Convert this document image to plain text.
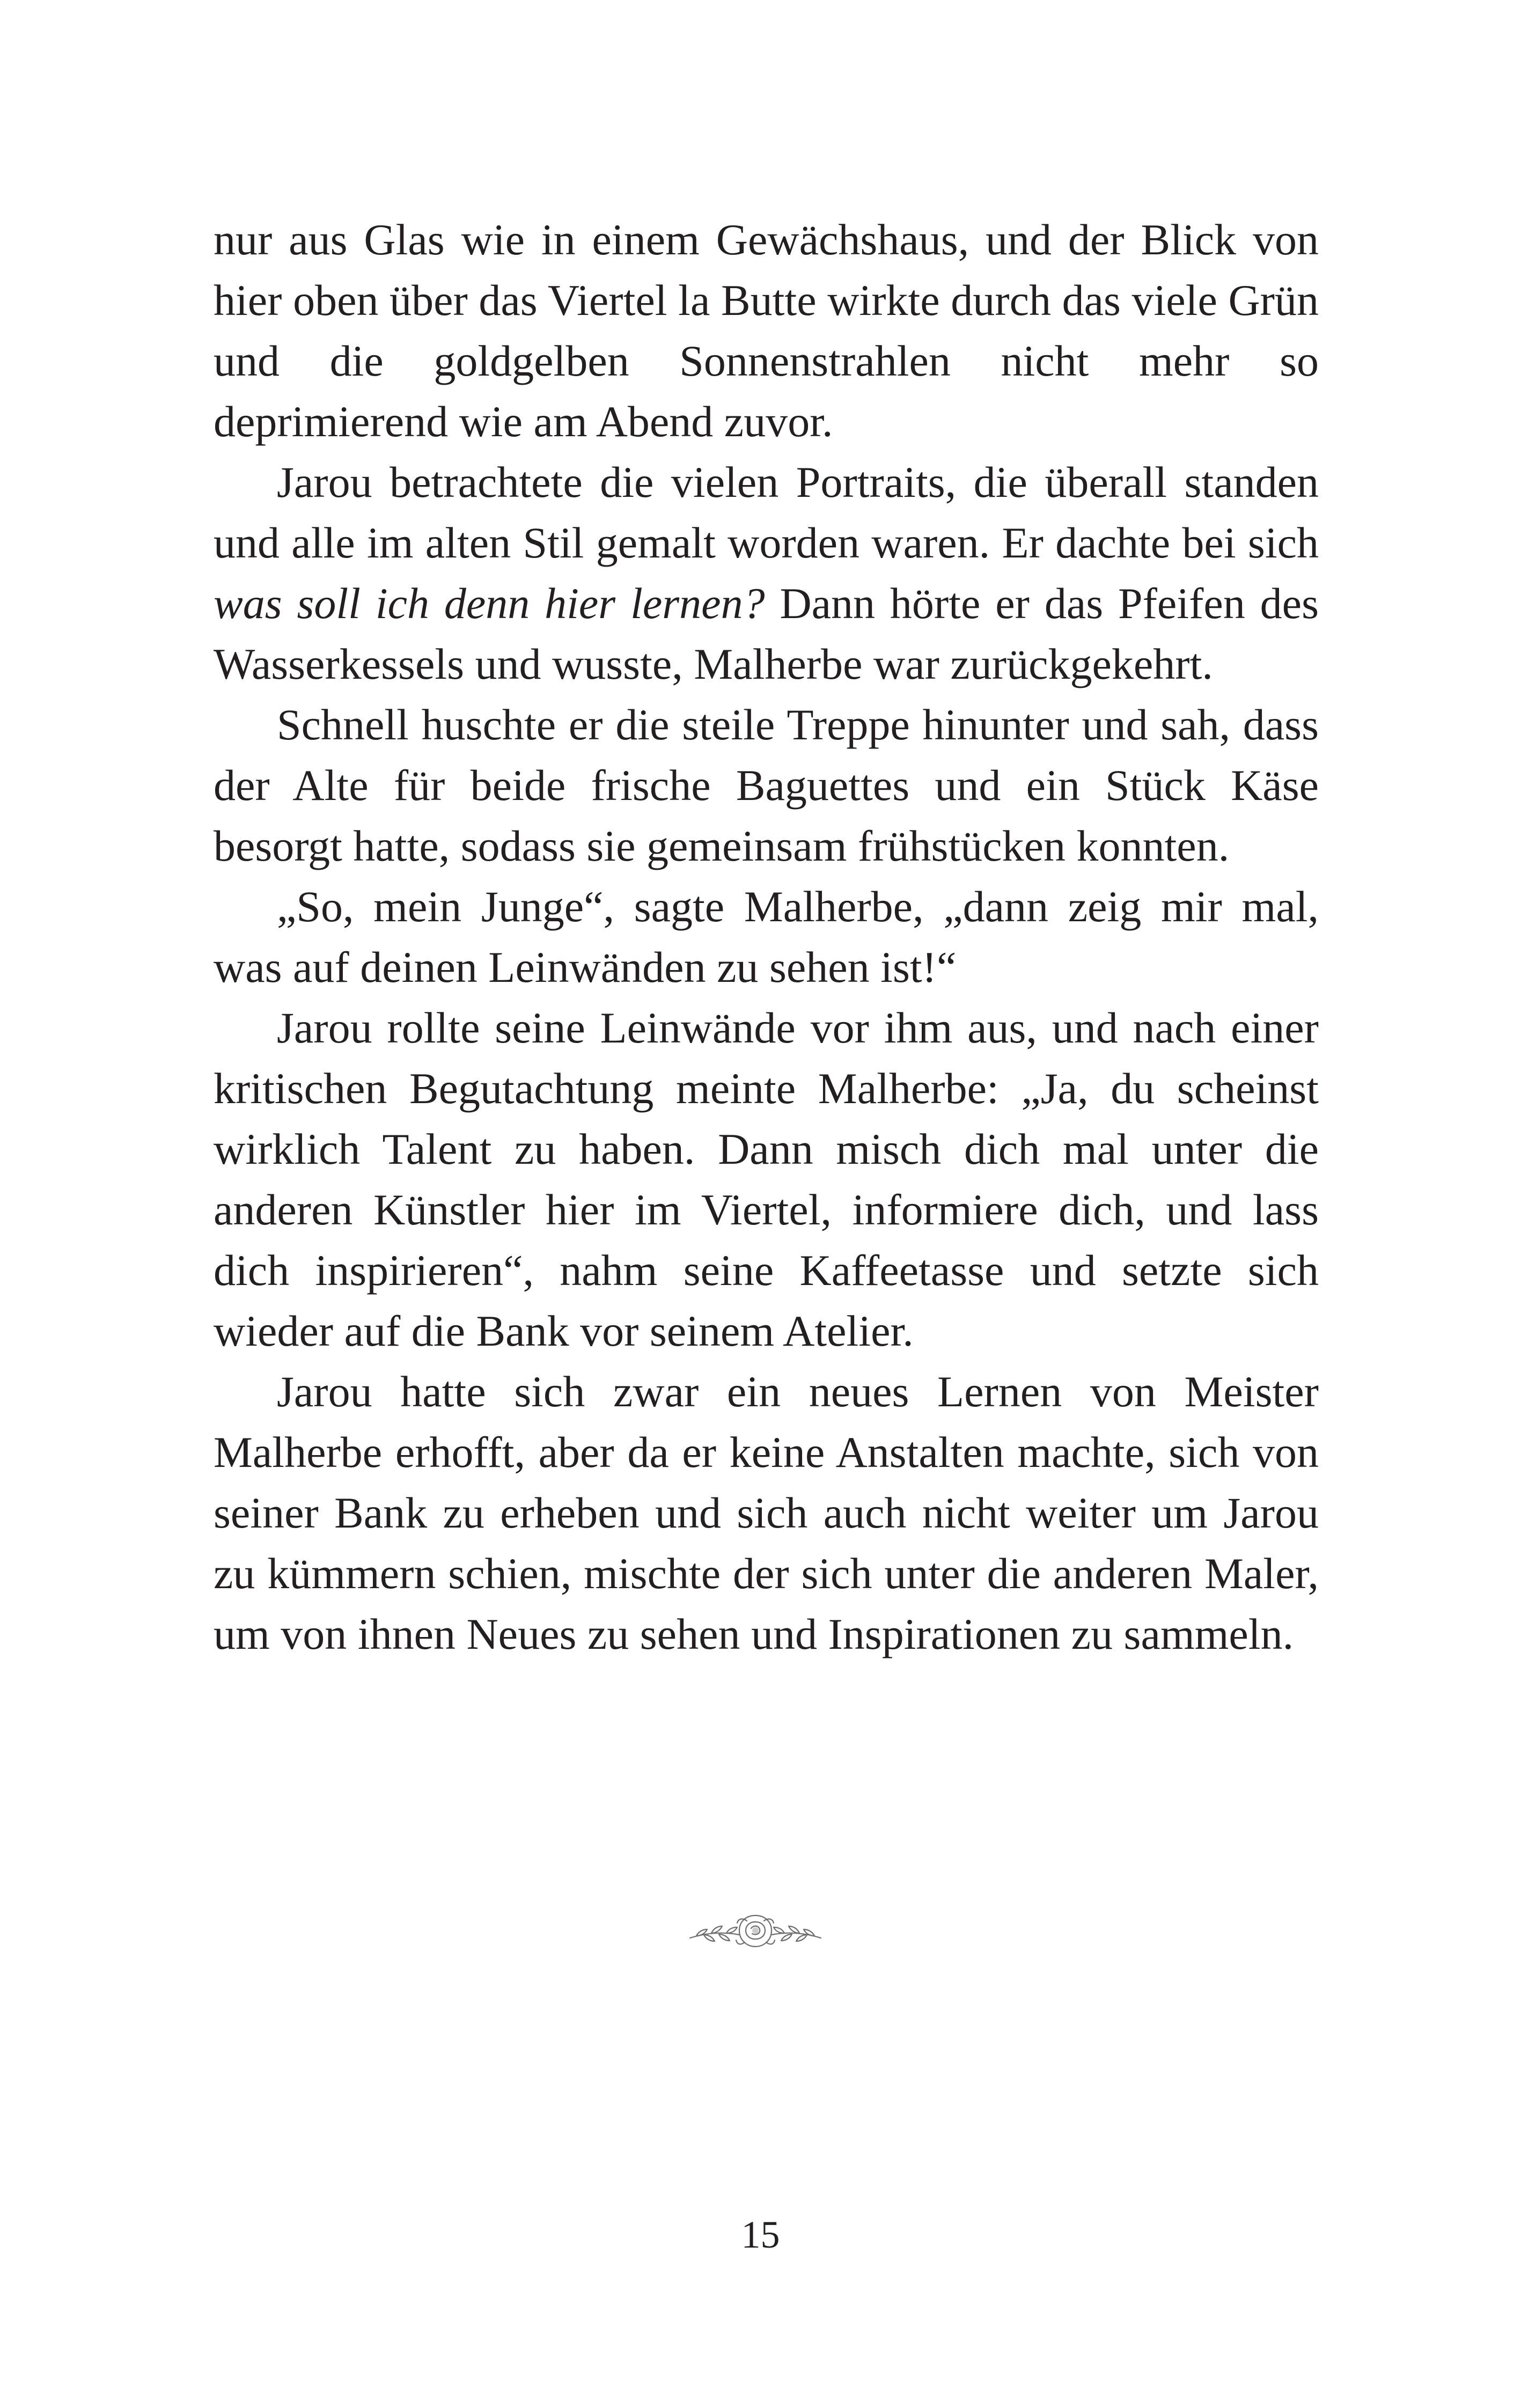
nur aus Glas wie in einem Gewächshaus, und der Blick von hier oben über das Viertel la Butte wirkte durch das viele Grün und die goldgelben Sonnenstrahlen nicht mehr so deprimierend wie am Abend zuvor.

Jarou betrachtete die vielen Portraits, die überall standen und alle im alten Stil gemalt worden waren. Er dachte bei sich was soll ich denn hier lernen? Dann hörte er das Pfeifen des Wasserkessels und wusste, Malherbe war zurückgekehrt.

Schnell huschte er die steile Treppe hinunter und sah, dass der Alte für beide frische Baguettes und ein Stück Käse besorgt hatte, sodass sie gemeinsam frühstücken konnten.

„So, mein Junge“, sagte Malherbe, „dann zeig mir mal, was auf deinen Leinwänden zu sehen ist!“

Jarou rollte seine Leinwände vor ihm aus, und nach einer kritischen Begutachtung meinte Malherbe: „Ja, du scheinst wirklich Talent zu haben. Dann misch dich mal unter die anderen Künstler hier im Viertel, informiere dich, und lass dich inspirieren“, nahm seine Kaffeetasse und setzte sich wieder auf die Bank vor seinem Atelier.

Jarou hatte sich zwar ein neues Lernen von Meister Malherbe erhofft, aber da er keine Anstalten machte, sich von seiner Bank zu erheben und sich auch nicht weiter um Jarou zu kümmern schien, mischte der sich unter die anderen Maler, um von ihnen Neues zu sehen und Inspirationen zu sammeln.

15
